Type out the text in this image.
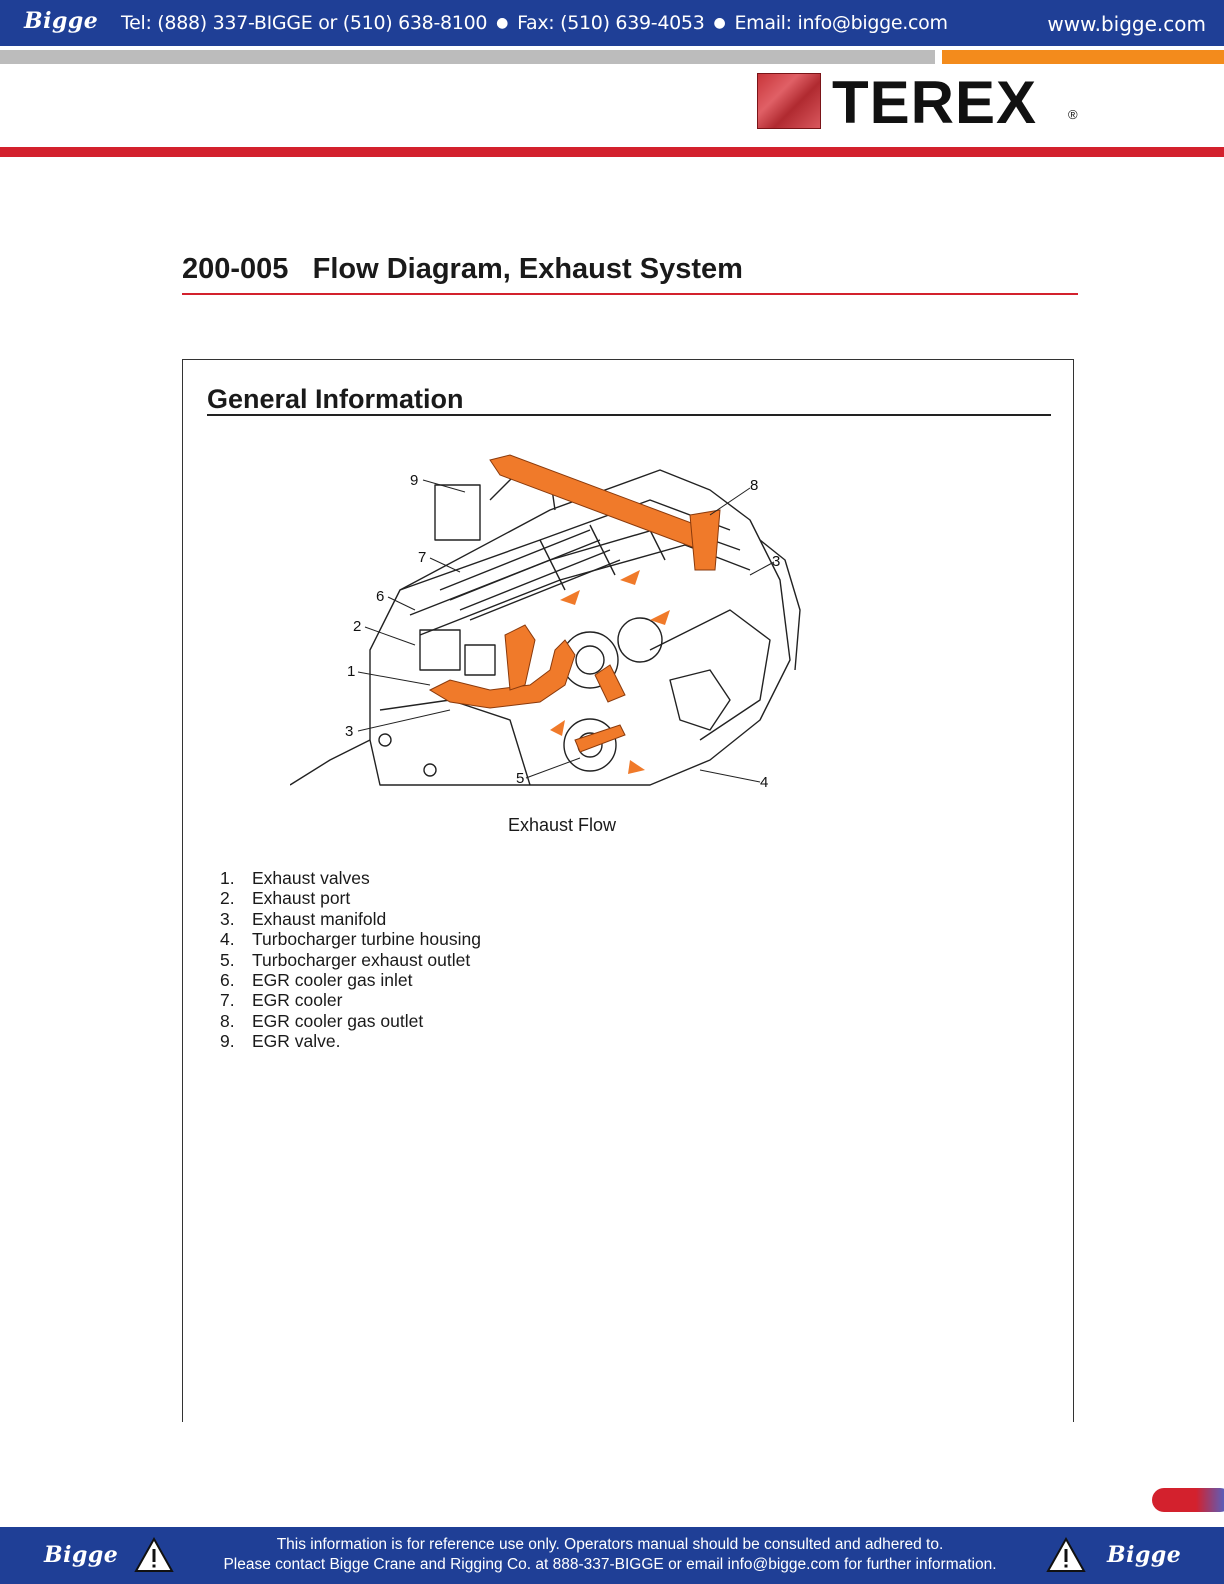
Bigge Tel: (888) 337-BIGGE or (510) 638-8100 ● Fax: (510) 639-4053 ● Email: info@bigge.com	www.bigge.com
TEREX ®
200-005   Flow Diagram, Exhaust System
General Information
9	8
7	3
6
2
1
3
5	4
Exhaust Flow
1. Exhaust valves
2. Exhaust port
3. Exhaust manifold
4. Turbocharger turbine housing
5. Turbocharger exhaust outlet
6. EGR cooler gas inlet
7. EGR cooler
8. EGR cooler gas outlet
9. EGR valve.
Bigge	This information is for reference use only. Operators manual should be consulted and adhered to.
Please contact Bigge Crane and Rigging Co. at 888-337-BIGGE or email info@bigge.com for further information.	Bigge
